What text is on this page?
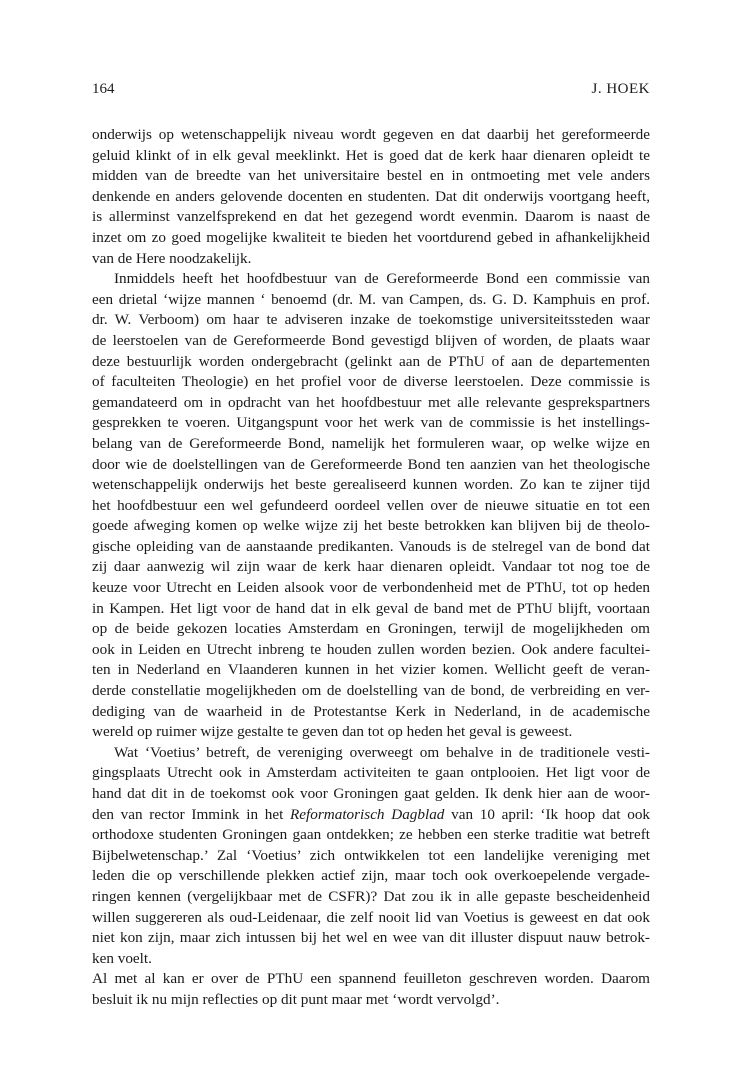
164	J. HOEK
onderwijs op wetenschappelijk niveau wordt gegeven en dat daarbij het gereformeerde
geluid klinkt of in elk geval meeklinkt. Het is goed dat de kerk haar dienaren opleidt te
midden van de breedte van het universitaire bestel en in ontmoeting met vele anders
denkende en anders gelovende docenten en studenten. Dat dit onderwijs voortgang heeft,
is allerminst vanzelfsprekend en dat het gezegend wordt evenmin. Daarom is naast de
inzet om zo goed mogelijke kwaliteit te bieden het voortdurend gebed in afhankelijkheid
van de Here noodzakelijk.
Inmiddels heeft het hoofdbestuur van de Gereformeerde Bond een commissie van
een drietal ‘wijze mannen ‘ benoemd (dr. M. van Campen, ds. G. D. Kamphuis en prof.
dr. W. Verboom) om haar te adviseren inzake de toekomstige universiteitssteden waar
de leerstoelen van de Gereformeerde Bond gevestigd blijven of worden, de plaats waar
deze bestuurlijk worden ondergebracht (gelinkt aan de PThU of aan de departementen
of faculteiten Theologie) en het profiel voor de diverse leerstoelen. Deze commissie is
gemandateerd om in opdracht van het hoofdbestuur met alle relevante gesprekspartners
gesprekken te voeren. Uitgangspunt voor het werk van de commissie is het instellings-
belang van de Gereformeerde Bond, namelijk het formuleren waar, op welke wijze en
door wie de doelstellingen van de Gereformeerde Bond ten aanzien van het theologische
wetenschappelijk onderwijs het beste gerealiseerd kunnen worden. Zo kan te zijner tijd
het hoofdbestuur een wel gefundeerd oordeel vellen over de nieuwe situatie en tot een
goede afweging komen op welke wijze zij het beste betrokken kan blijven bij de theolo-
gische opleiding van de aanstaande predikanten. Vanouds is de stelregel van de bond dat
zij daar aanwezig wil zijn waar de kerk haar dienaren opleidt. Vandaar tot nog toe de
keuze voor Utrecht en Leiden alsook voor de verbondenheid met de PThU, tot op heden
in Kampen. Het ligt voor de hand dat in elk geval de band met de PThU blijft, voortaan
op de beide gekozen locaties Amsterdam en Groningen, terwijl de mogelijkheden om
ook in Leiden en Utrecht inbreng te houden zullen worden bezien. Ook andere facultei-
ten in Nederland en Vlaanderen kunnen in het vizier komen. Wellicht geeft de veran-
derde constellatie mogelijkheden om de doelstelling van de bond, de verbreiding en ver-
dediging van de waarheid in de Protestantse Kerk in Nederland, in de academische
wereld op ruimer wijze gestalte te geven dan tot op heden het geval is geweest.
Wat ‘Voetius’ betreft, de vereniging overweegt om behalve in de traditionele vesti-
gingsplaats Utrecht ook in Amsterdam activiteiten te gaan ontplooien. Het ligt voor de
hand dat dit in de toekomst ook voor Groningen gaat gelden. Ik denk hier aan de woor-
den van rector Immink in het Reformatorisch Dagblad van 10 april: ‘Ik hoop dat ook
orthodoxe studenten Groningen gaan ontdekken; ze hebben een sterke traditie wat betreft
Bijbelwetenschap.’ Zal ‘Voetius’ zich ontwikkelen tot een landelijke vereniging met
leden die op verschillende plekken actief zijn, maar toch ook overkoepelende vergade-
ringen kennen (vergelijkbaar met de CSFR)? Dat zou ik in alle gepaste bescheidenheid
willen suggereren als oud-Leidenaar, die zelf nooit lid van Voetius is geweest en dat ook
niet kon zijn, maar zich intussen bij het wel en wee van dit illuster dispuut nauw betrok-
ken voelt.
Al met al kan er over de PThU een spannend feuilleton geschreven worden. Daarom
besluit ik nu mijn reflecties op dit punt maar met ‘wordt vervolgd’.
